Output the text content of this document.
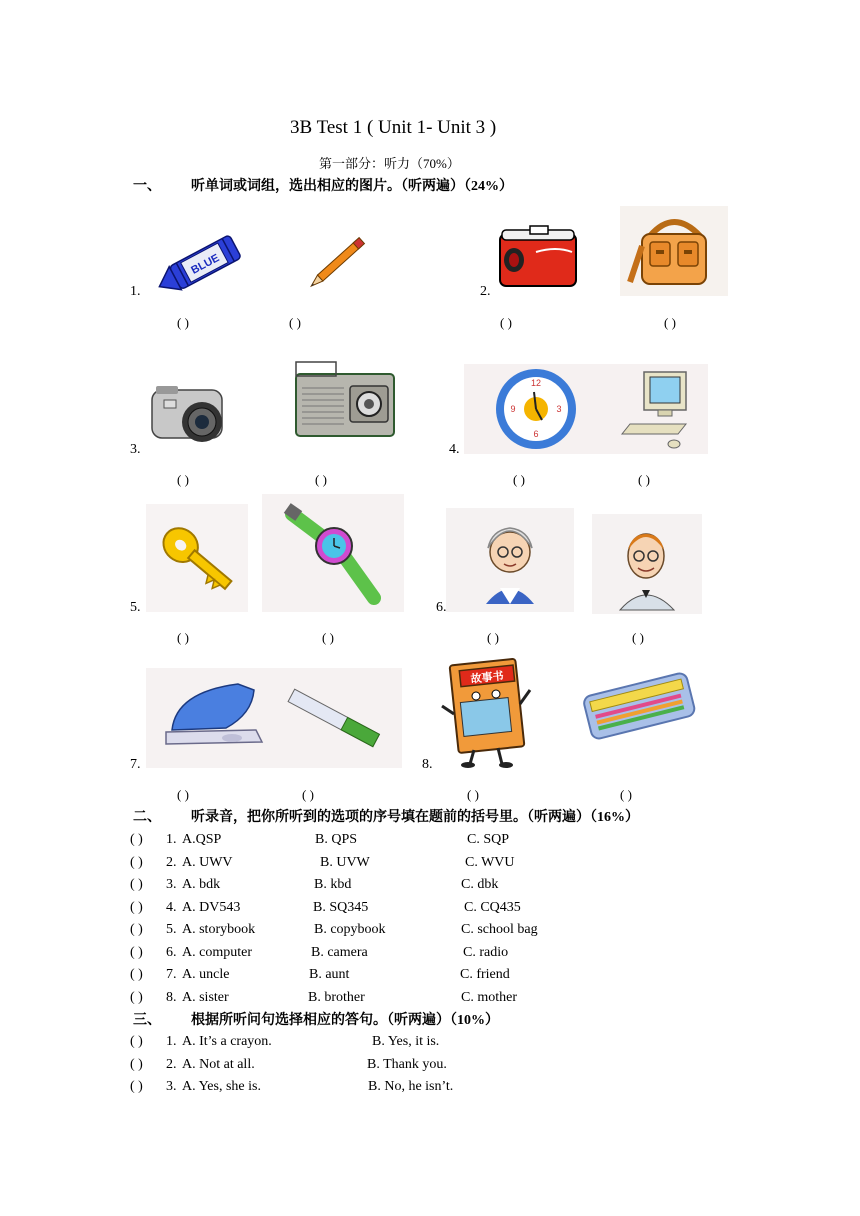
3B Test 1 ( Unit 1- Unit 3 )
第一部分：听力（70%）
一、 听单词或词组，选出相应的图片。（听两遍）（24%）
1.
BLUE
2.
( )	( )	( )	( )
3.	4.
12
3
6
9
( )	( )	( )	( )
5.	6.
( )	( )	( )	( )
7.	8.
故事书
( )	( )	( )	( )
二、 听录音，把你所听到的选项的序号填在题前的括号里。（听两遍）（16%）
( ) 1. A.QSP	B. QPS	C. SQP
( ) 2. A. UWV	B. UVW	C. WVU
( ) 3. A. bdk	B. kbd	C. dbk
( ) 4. A. DV543	B. SQ345	C. CQ435
( ) 5. A. storybook	B. copybook	C. school bag
( ) 6. A. computer	B. camera	C. radio
( ) 7. A. uncle	B. aunt	C. friend
( ) 8. A. sister	B. brother	C. mother
三、 根据所听问句选择相应的答句。（听两遍）（10%）
( ) 1. A. It’s a crayon.	B. Yes, it is.
( ) 2. A. Not at all.	B. Thank you.
( ) 3. A. Yes, she is.	B. No, he isn’t.
